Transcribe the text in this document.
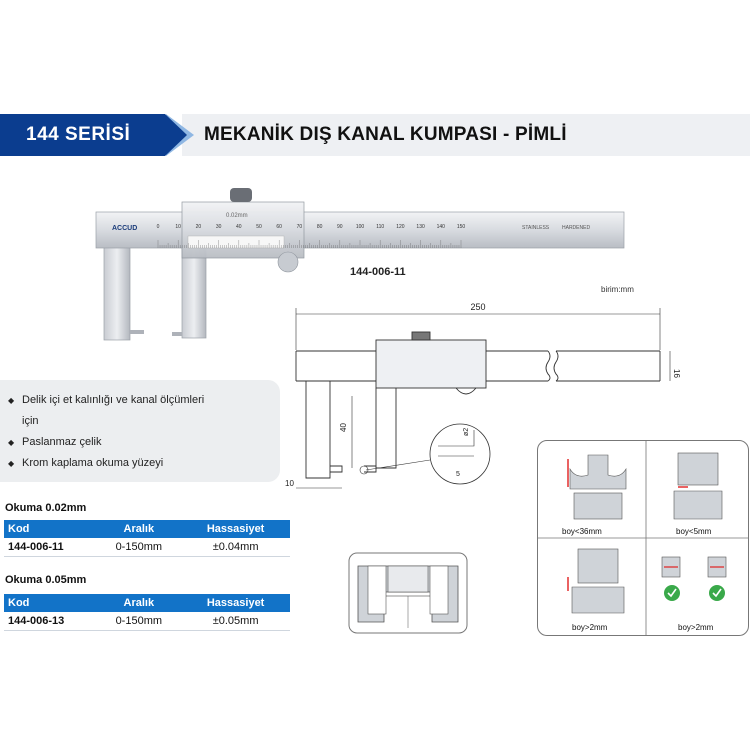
144 SERİSİ	MEKANİK DIŞ KANAL KUMPASI - PİMLİ
ACCUD
0.02mm
0	10	20	30	40	50	60	70	80	90	100 110 120 130 140 150	STAINLESS	HARDENED
144-006-11
birim:mm
250
16
40
10
ø2
5
◆ Delik içi et kalınlığı ve kanal ölçümleri için
◆ Paslanmaz çelik
◆ Krom kaplama okuma yüzeyi
Okuma 0.02mm
Kod	Aralık	Hassasiyet
144-006-11	0-150mm	±0.04mm
Okuma 0.05mm
Kod	Aralık	Hassasiyet
144-006-13	0-150mm	±0.05mm
boy<36mm	boy<5mm
boy>2mm	boy>2mm
